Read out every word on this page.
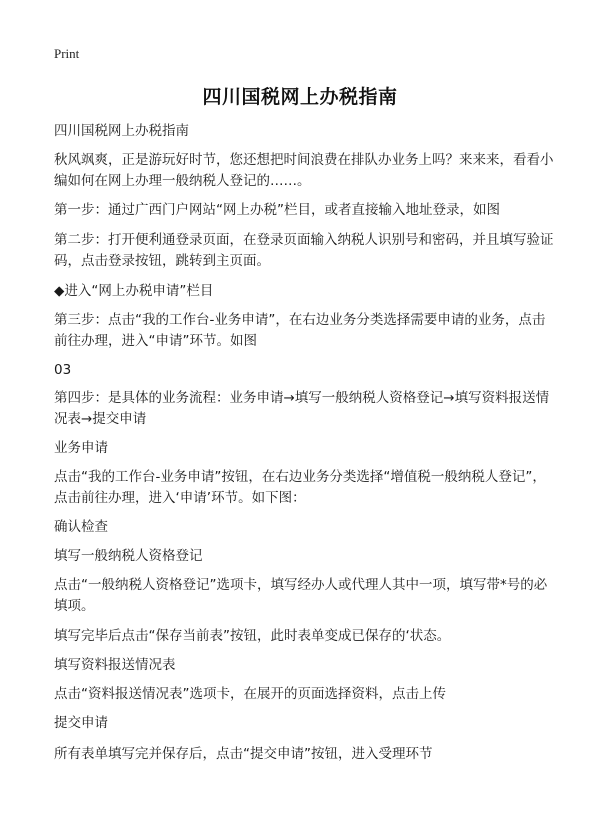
Print
四川国税网上办税指南

四川国税网上办税指南

秋风飒爽，正是游玩好时节，您还想把时间浪费在排队办业务上吗？来来来，看看小编如何在网上办理一般纳税人登记的……。

第一步：通过广西门户网站“网上办税”栏目，或者直接输入地址登录，如图

第二步：打开便利通登录页面，在登录页面输入纳税人识别号和密码，并且填写验证码，点击登录按钮，跳转到主页面。

◆进入“网上办税申请”栏目

第三步：点击“我的工作台-业务申请”，在右边业务分类选择需要申请的业务，点击前往办理，进入“申请”环节。如图

03

第四步：是具体的业务流程：业务申请→填写一般纳税人资格登记→填写资料报送情况表→提交申请

业务申请

点击“我的工作台-业务申请”按钮，在右边业务分类选择“增值税一般纳税人登记”，点击前往办理，进入‘申请’环节。如下图：

确认检查

填写一般纳税人资格登记

点击“一般纳税人资格登记”选项卡，填写经办人或代理人其中一项，填写带*号的必填项。

填写完毕后点击“保存当前表”按钮，此时表单变成已保存的‘状态。

填写资料报送情况表

点击“资料报送情况表”选项卡，在展开的页面选择资料，点击上传

提交申请

所有表单填写完并保存后，点击“提交申请”按钮，进入受理环节
